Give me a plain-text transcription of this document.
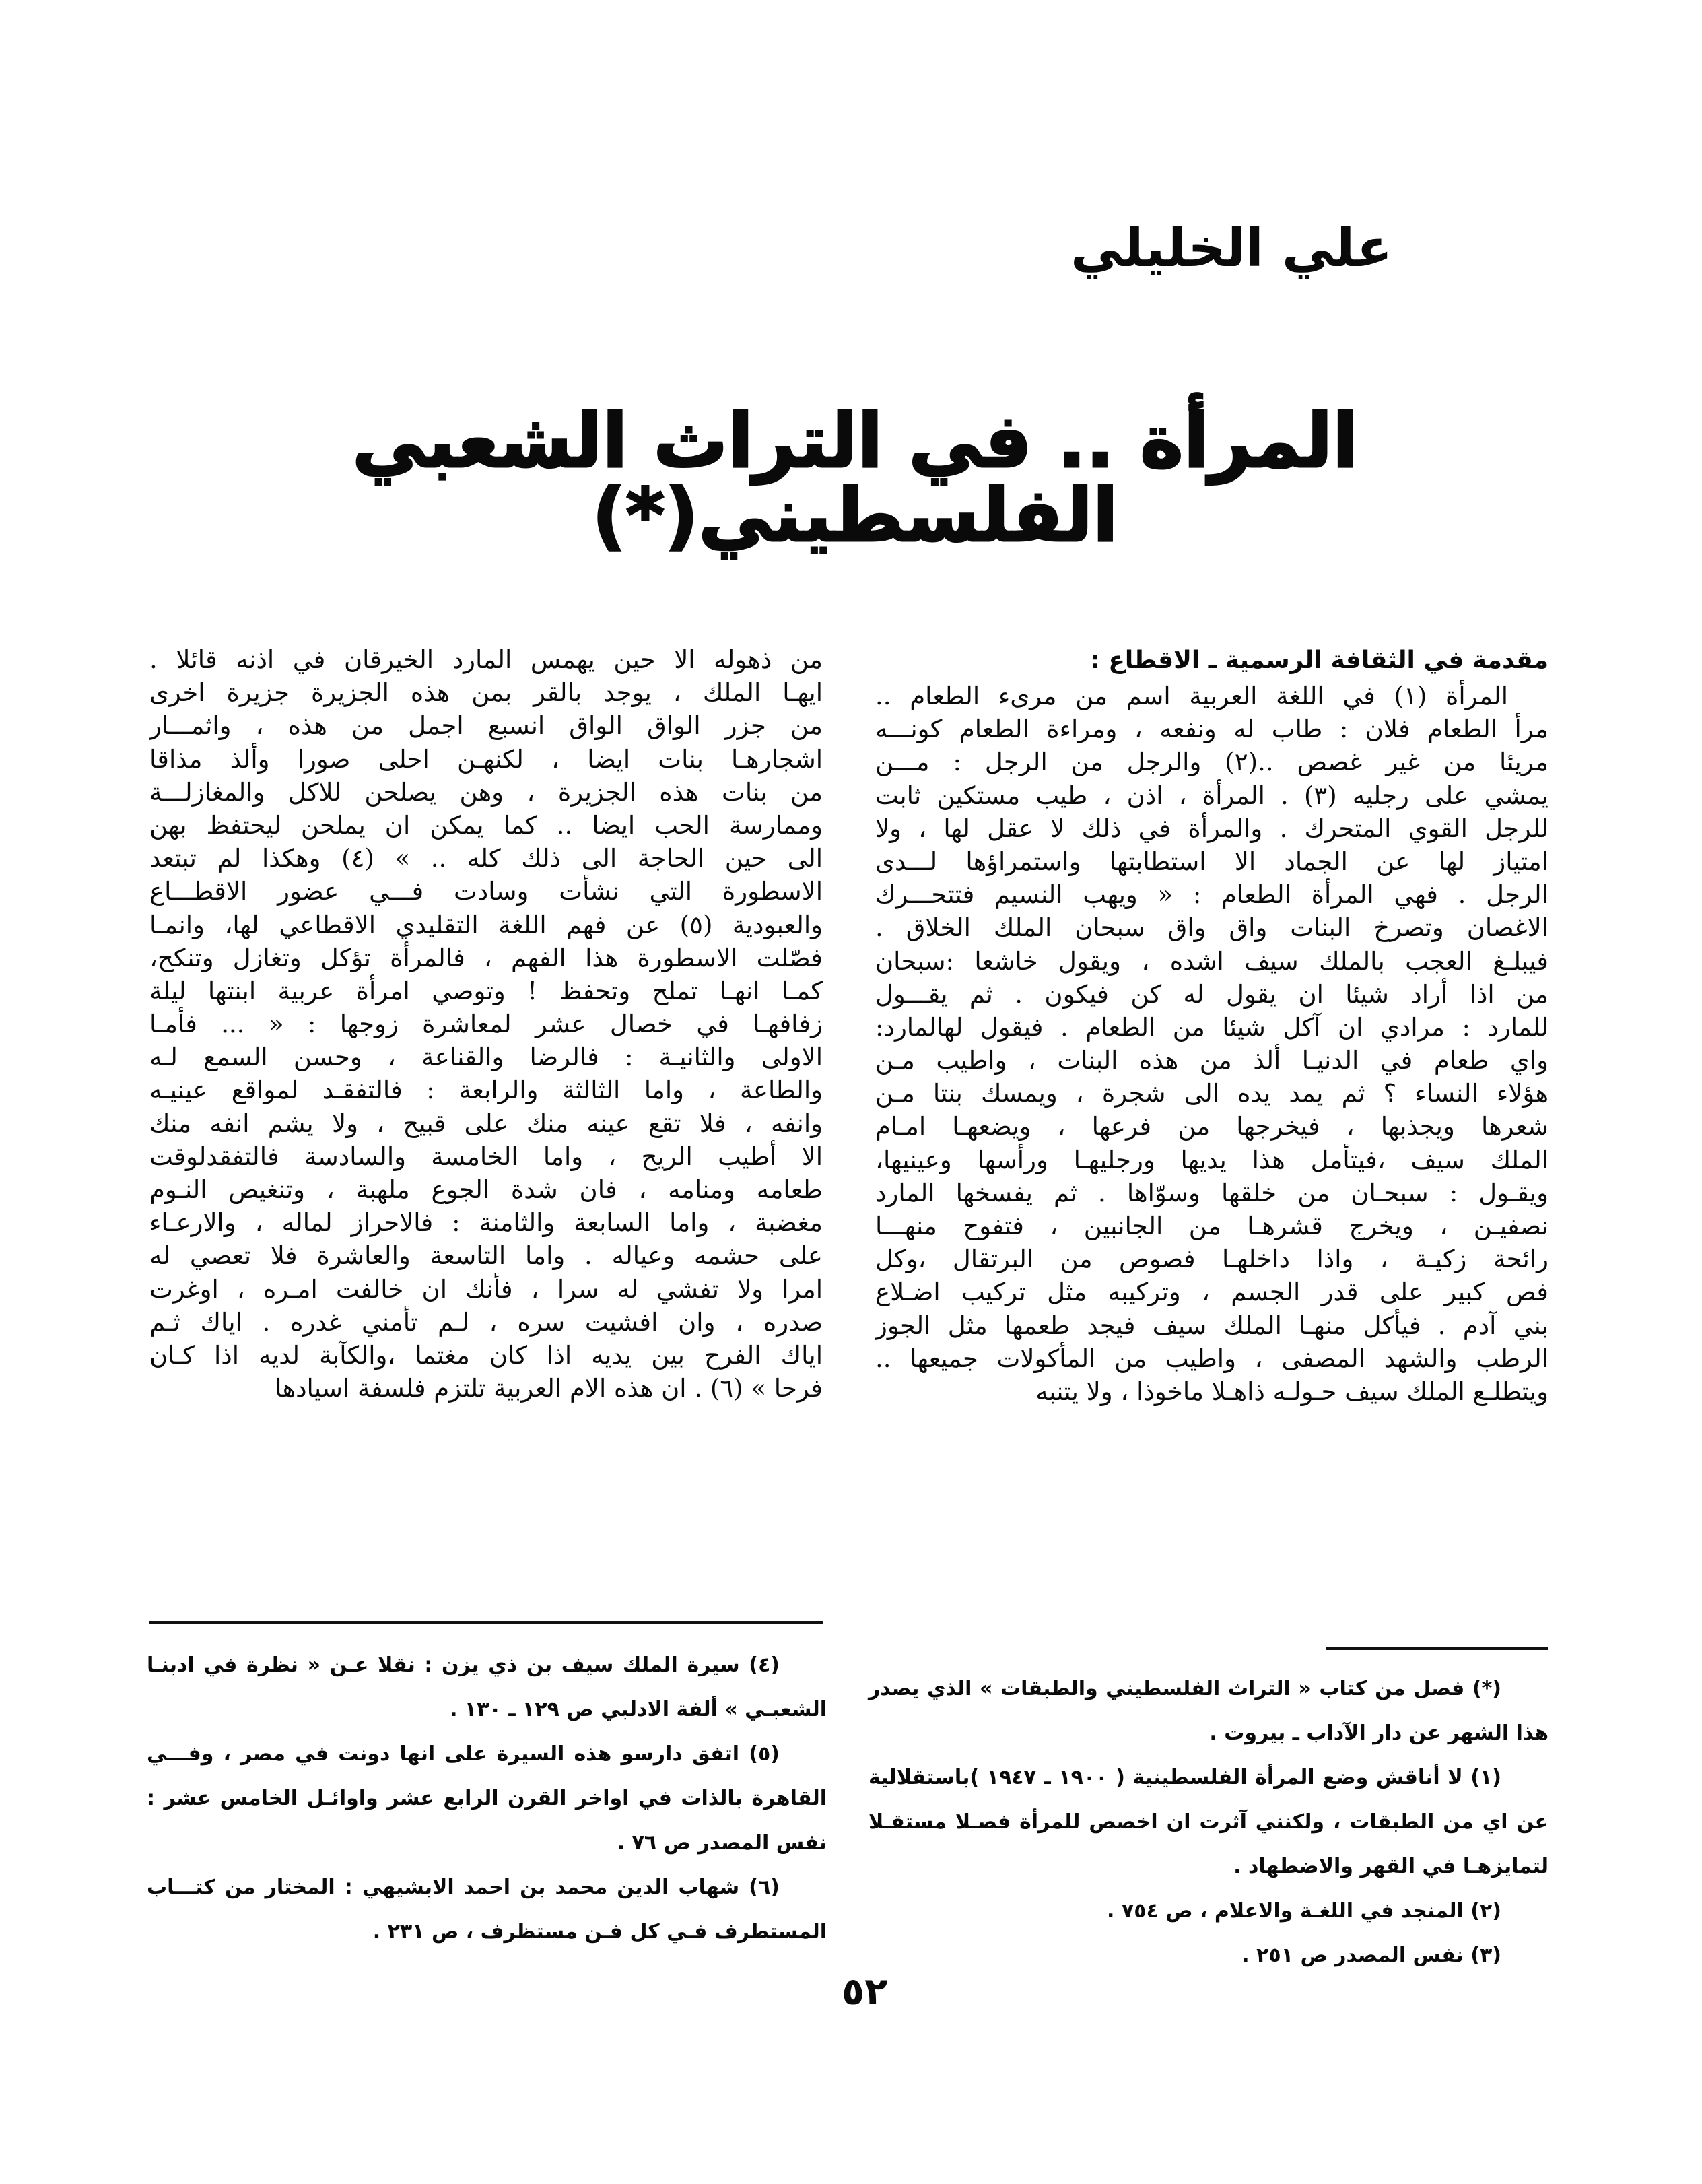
علي الخليلي
المرأة .. في التراث الشعبي الفلسطيني(*)
مقدمة في الثقافة الرسمية ـ الاقطاع :
المرأة (١) في اللغة العربية اسم من مرىء الطعام ..
مرأ الطعام فلان : طاب له ونفعه ، ومراءة الطعام كونـــه
مريئا من غير غصص ..(٢) والرجل من الرجل : مـــن
يمشي على رجليه (٣) . المرأة ، اذن ، طيب مستكين ثابت
للرجل القوي المتحرك . والمرأة في ذلك لا عقل لها ، ولا
امتياز لها عن الجماد الا استطابتها واستمراؤها لـــدى
الرجل . فهي المرأة الطعام : « ويهب النسيم فتتحـــرك
الاغصان وتصرخ البنات واق واق سبحان الملك الخلاق .
فيبلـغ العجب بالملك سيف اشده ، ويقول خاشعا :سبحان
من اذا أراد شيئا ان يقول له كن فيكون . ثم يقـــول
للمارد : مرادي ان آكل شيئا من الطعام . فيقول لهالمارد:
واي طعام في الدنيـا ألذ من هذه البنات ، واطيب مـن
هؤلاء النساء ؟ ثم يمد يده الى شجرة ، ويمسك بنتا مـن
شعرها ويجذبها ، فيخرجها من فرعها ، ويضعهـا امـام
الملك سيف ،فيتأمل هذا يديها ورجليهـا ورأسها وعينيها،
ويقـول : سبحـان من خلقها وسوّاها . ثم يفسخها المارد
نصفيـن ، ويخرج قشرهـا من الجانبين ، فتفوح منهـــا
رائحة زكيـة ، واذا داخلهـا فصوص من البرتقال ،وكل
فص كبير على قدر الجسم ، وتركيبه مثل تركيب اضـلاع
بني آدم . فيأكل منهـا الملك سيف فيجد طعمها مثل الجوز
الرطب والشهد المصفى ، واطيب من المأكولات جميعها ..
ويتطلـع الملك سيف حـولـه ذاهـلا ماخوذا ، ولا يتنبه
من ذهوله الا حين يهمس المارد الخيرقان في اذنه قائلا .
ايهـا الملك ، يوجد بالقر بمن هذه الجزيرة جزيرة اخرى
من جزر الواق الواق انسبع اجمل من هذه ، واثمـــار
اشجارهـا بنات ايضا ، لكنهـن احلى صورا وألذ مذاقا
من بنات هذه الجزيرة ، وهن يصلحن للاكل والمغازلـــة
وممارسة الحب ايضا .. كما يمكن ان يملحن ليحتفظ بهن
الى حين الحاجة الى ذلك كله .. » (٤) وهكذا لم تبتعد
الاسطورة التي نشأت وسادت فـــي عضور الاقطـــاع
والعبودية (٥) عن فهم اللغة التقليدي الاقطاعي لها، وانمـا
فصّلت الاسطورة هذا الفهم ، فالمرأة تؤكل وتغازل وتنكح،
كمـا انهـا تملح وتحفظ ! وتوصي امرأة عربية ابنتها ليلة
زفافهـا في خصال عشر لمعاشرة زوجها : « ... فأمـا
الاولى والثانيـة : فالرضا والقناعة ، وحسن السمع لـه
والطاعة ، واما الثالثة والرابعة : فالتفقـد لمواقع عينيـه
وانفه ، فلا تقع عينه منك على قبيح ، ولا يشم انفه منك
الا أطيب الريح ، واما الخامسة والسادسة فالتفقدلوقت
طعامه ومنامه ، فان شدة الجوع ملهبة ، وتنغيص النـوم
مغضبة ، واما السابعة والثامنة : فالاحراز لماله ، والارعـاء
على حشمه وعياله . واما التاسعة والعاشرة فلا تعصي له
امرا ولا تفشي له سرا ، فأنك ان خالفت امـره ، اوغرت
صدره ، وان افشيت سره ، لـم تأمني غدره . اياك ثـم
اياك الفرح بين يديه اذا كان مغتما ،والكآبة لديه اذا كـان
فرحا » (٦) . ان هذه الام العربية تلتزم فلسفة اسيادها
(*) فصل من كتاب « التراث الفلسطيني والطبقات » الذي يصدر
هذا الشهر عن دار الآداب ـ بيروت .
(١) لا أناقش وضع المرأة الفلسطينية ( ١٩٠٠ ـ ١٩٤٧ )باستقلالية
عن اي من الطبقات ، ولكنني آثرت ان اخصص للمرأة فصـلا مستقـلا
لتمايزهـا في القهر والاضطهاد .
(٢) المنجد في اللغـة والاعلام ، ص ٧٥٤ .
(٣) نفس المصدر ص ٢٥١ .
(٤) سيرة الملك سيف بن ذي يزن : نقلا عـن « نظرة في ادبنـا
الشعبـي » ألفة الادلبي ص ١٢٩ ـ ١٣٠ .
(٥) اتفق دارسو هذه السيرة على انها دونت في مصر ، وفـــي
القاهرة بالذات في اواخر القرن الرابع عشر واوائـل الخامس عشر :
نفس المصدر ص ٧٦ .
(٦) شهاب الدين محمد بن احمد الابشيهي : المختار من كتـــاب
المستطرف فـي كل فـن مستظرف ، ص ٢٣١ .
٥٢
